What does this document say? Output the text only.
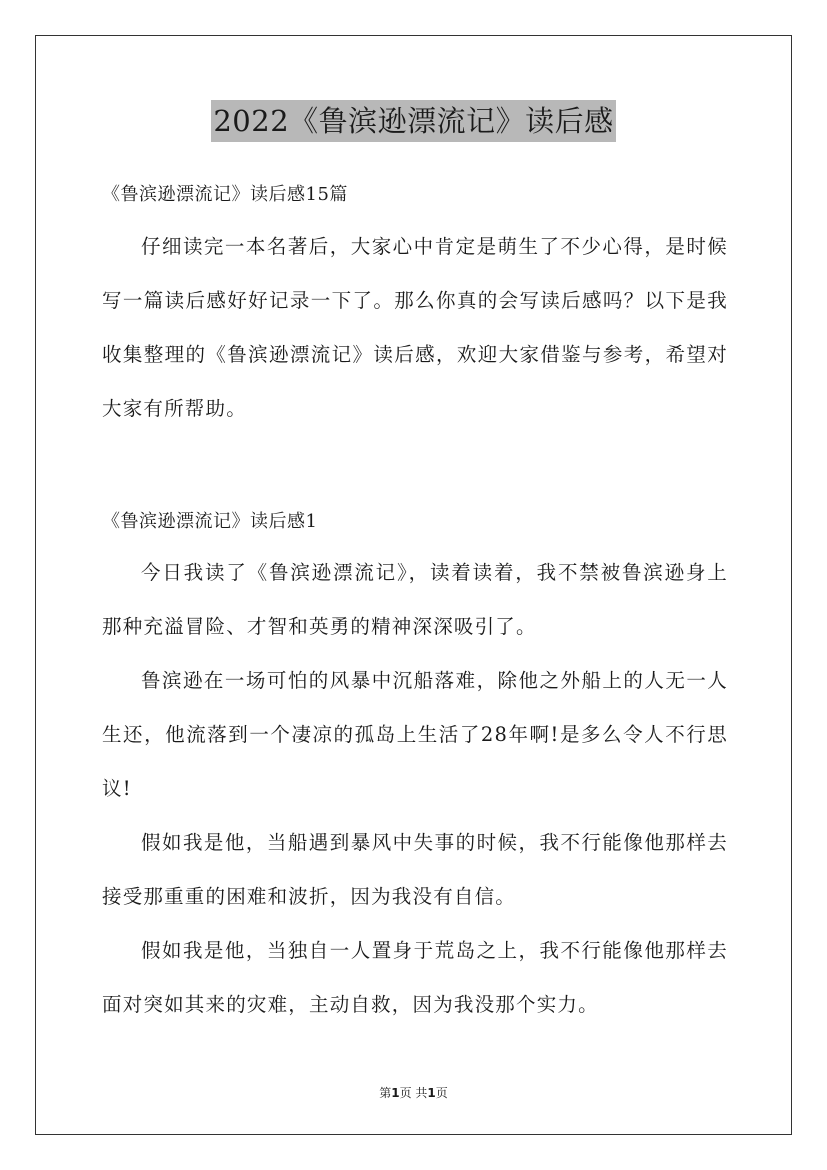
2022《鲁滨逊漂流记》读后感
《鲁滨逊漂流记》读后感15篇

仔细读完一本名著后，大家心中肯定是萌生了不少心得，是时候写一篇读后感好好记录一下了。那么你真的会写读后感吗？以下是我收集整理的《鲁滨逊漂流记》读后感，欢迎大家借鉴与参考，希望对大家有所帮助。

《鲁滨逊漂流记》读后感1

今日我读了《鲁滨逊漂流记》，读着读着，我不禁被鲁滨逊身上那种充溢冒险、才智和英勇的精神深深吸引了。

鲁滨逊在一场可怕的风暴中沉船落难，除他之外船上的人无一人生还，他流落到一个凄凉的孤岛上生活了28年啊!是多么令人不行思议!

假如我是他，当船遇到暴风中失事的时候，我不行能像他那样去接受那重重的困难和波折，因为我没有自信。

假如我是他，当独自一人置身于荒岛之上，我不行能像他那样去面对突如其来的灾难，主动自救，因为我没那个实力。

第1页 共1页
